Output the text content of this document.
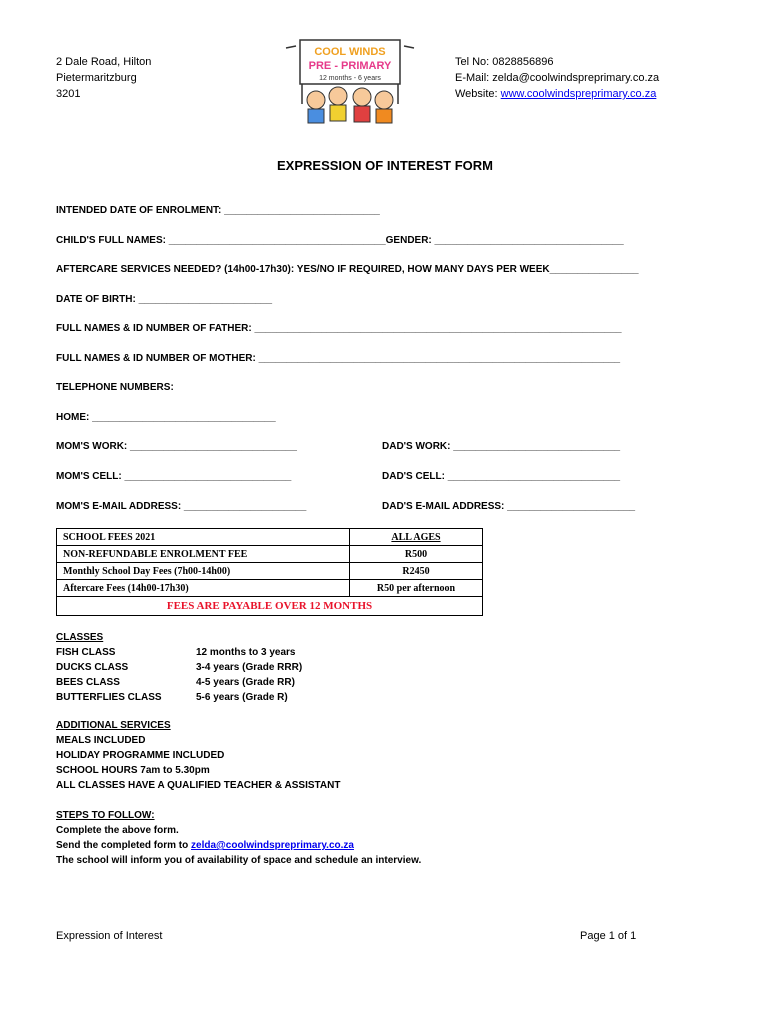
2 Dale Road, Hilton
Pietermaritzburg
3201
COOL WINDS
PRE - PRIMARY
12 months - 6 years
Tel No: 0828856896
E-Mail: zelda@coolwindspreprimary.co.za
Website: www.coolwindspreprimary.co.za
EXPRESSION OF INTEREST FORM
INTENDED DATE OF ENROLMENT: ____________________________
CHILD'S FULL NAMES: _______________________________________GENDER: __________________________________
AFTERCARE SERVICES NEEDED? (14h00-17h30): YES/NO IF REQUIRED, HOW MANY DAYS PER WEEK________________
DATE OF BIRTH: ________________________
FULL NAMES & ID NUMBER OF FATHER: __________________________________________________________________
FULL NAMES & ID NUMBER OF MOTHER: _________________________________________________________________
TELEPHONE NUMBERS:
HOME: _________________________________
MOM'S WORK: ______________________________	DAD'S WORK: ______________________________
MOM'S CELL: ______________________________	DAD'S CELL: _______________________________
MOM'S E-MAIL ADDRESS: ______________________	DAD'S E-MAIL ADDRESS: _______________________
SCHOOL FEES 2021	ALL AGES
NON-REFUNDABLE ENROLMENT FEE	R500
Monthly School Day Fees (7h00-14h00)	R2450
Aftercare Fees (14h00-17h30)	R50 per afternoon
FEES ARE PAYABLE OVER 12 MONTHS	
CLASSES
FISH CLASS	12 months to 3 years
DUCKS CLASS	3-4 years (Grade RRR)
BEES CLASS	4-5 years (Grade RR)
BUTTERFLIES CLASS	5-6 years (Grade R)
ADDITIONAL SERVICES
MEALS INCLUDED
HOLIDAY PROGRAMME INCLUDED
SCHOOL HOURS 7am to 5.30pm
ALL CLASSES HAVE A QUALIFIED TEACHER & ASSISTANT
STEPS TO FOLLOW:
Complete the above form.
Send the completed form to zelda@coolwindspreprimary.co.za
The school will inform you of availability of space and schedule an interview.
Expression of Interest	Page 1 of 1
